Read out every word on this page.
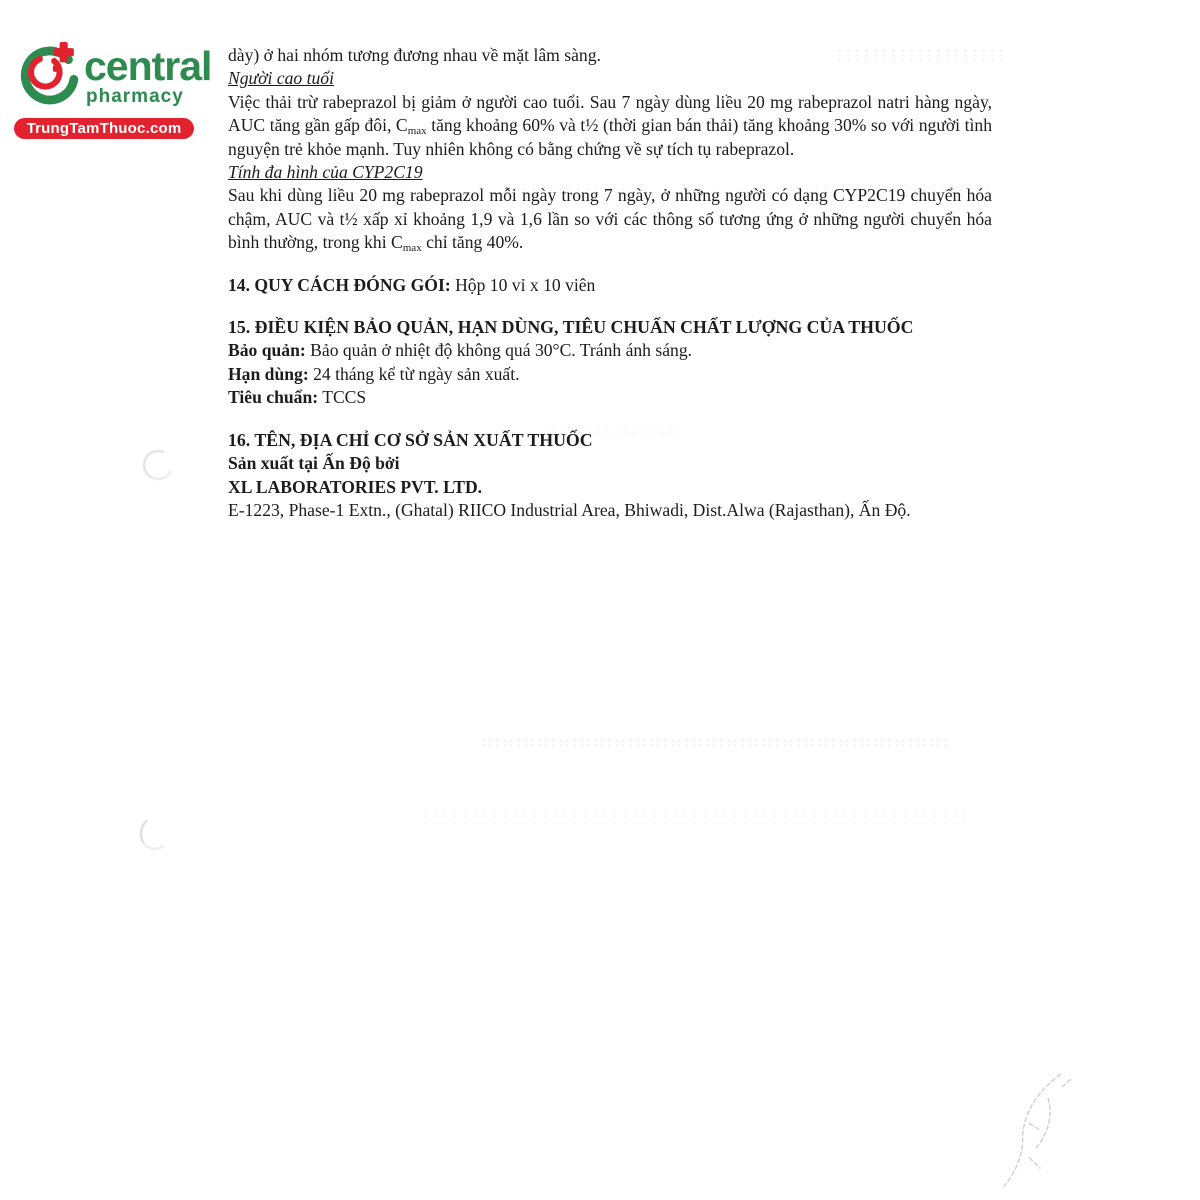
central
pharmacy
TrungTamThuoc.com

dày) ở hai nhóm tương đương nhau về mặt lâm sàng.

Người cao tuổi

Việc thải trừ rabeprazol bị giảm ở người cao tuổi. Sau 7 ngày dùng liều 20 mg rabeprazol natri hàng ngày, AUC tăng gần gấp đôi, $C_{max}$ tăng khoảng 60% và t½ (thời gian bán thải) tăng khoảng 30% so với người tình nguyện trẻ khỏe mạnh. Tuy nhiên không có bằng chứng về sự tích tụ rabeprazol.

Tính đa hình của CYP2C19

Sau khi dùng liều 20 mg rabeprazol mỗi ngày trong 7 ngày, ở những người có dạng CYP2C19 chuyển hóa chậm, AUC và t½ xấp xỉ khoảng 1,9 và 1,6 lần so với các thông số tương ứng ở những người chuyển hóa bình thường, trong khi $C_{max}$ chỉ tăng 40%.

14. QUY CÁCH ĐÓNG GÓI: Hộp 10 vỉ x 10 viên
15. ĐIỀU KIỆN BẢO QUẢN, HẠN DÙNG, TIÊU CHUẨN CHẤT LƯỢNG CỦA THUỐC
Bảo quản: Bảo quản ở nhiệt độ không quá 30°C. Tránh ánh sáng.
Hạn dùng: 24 tháng kể từ ngày sản xuất.
Tiêu chuẩn: TCCS
16. TÊN, ĐỊA CHỈ CƠ SỞ SẢN XUẤT THUỐC
Sản xuất tại Ấn Độ bởi
XL LABORATORIES PVT. LTD.
E-1223, Phase-1 Extn., (Ghatal) RIICO Industrial Area, Bhiwadi, Dist.Alwa (Rajasthan), Ấn Độ.
